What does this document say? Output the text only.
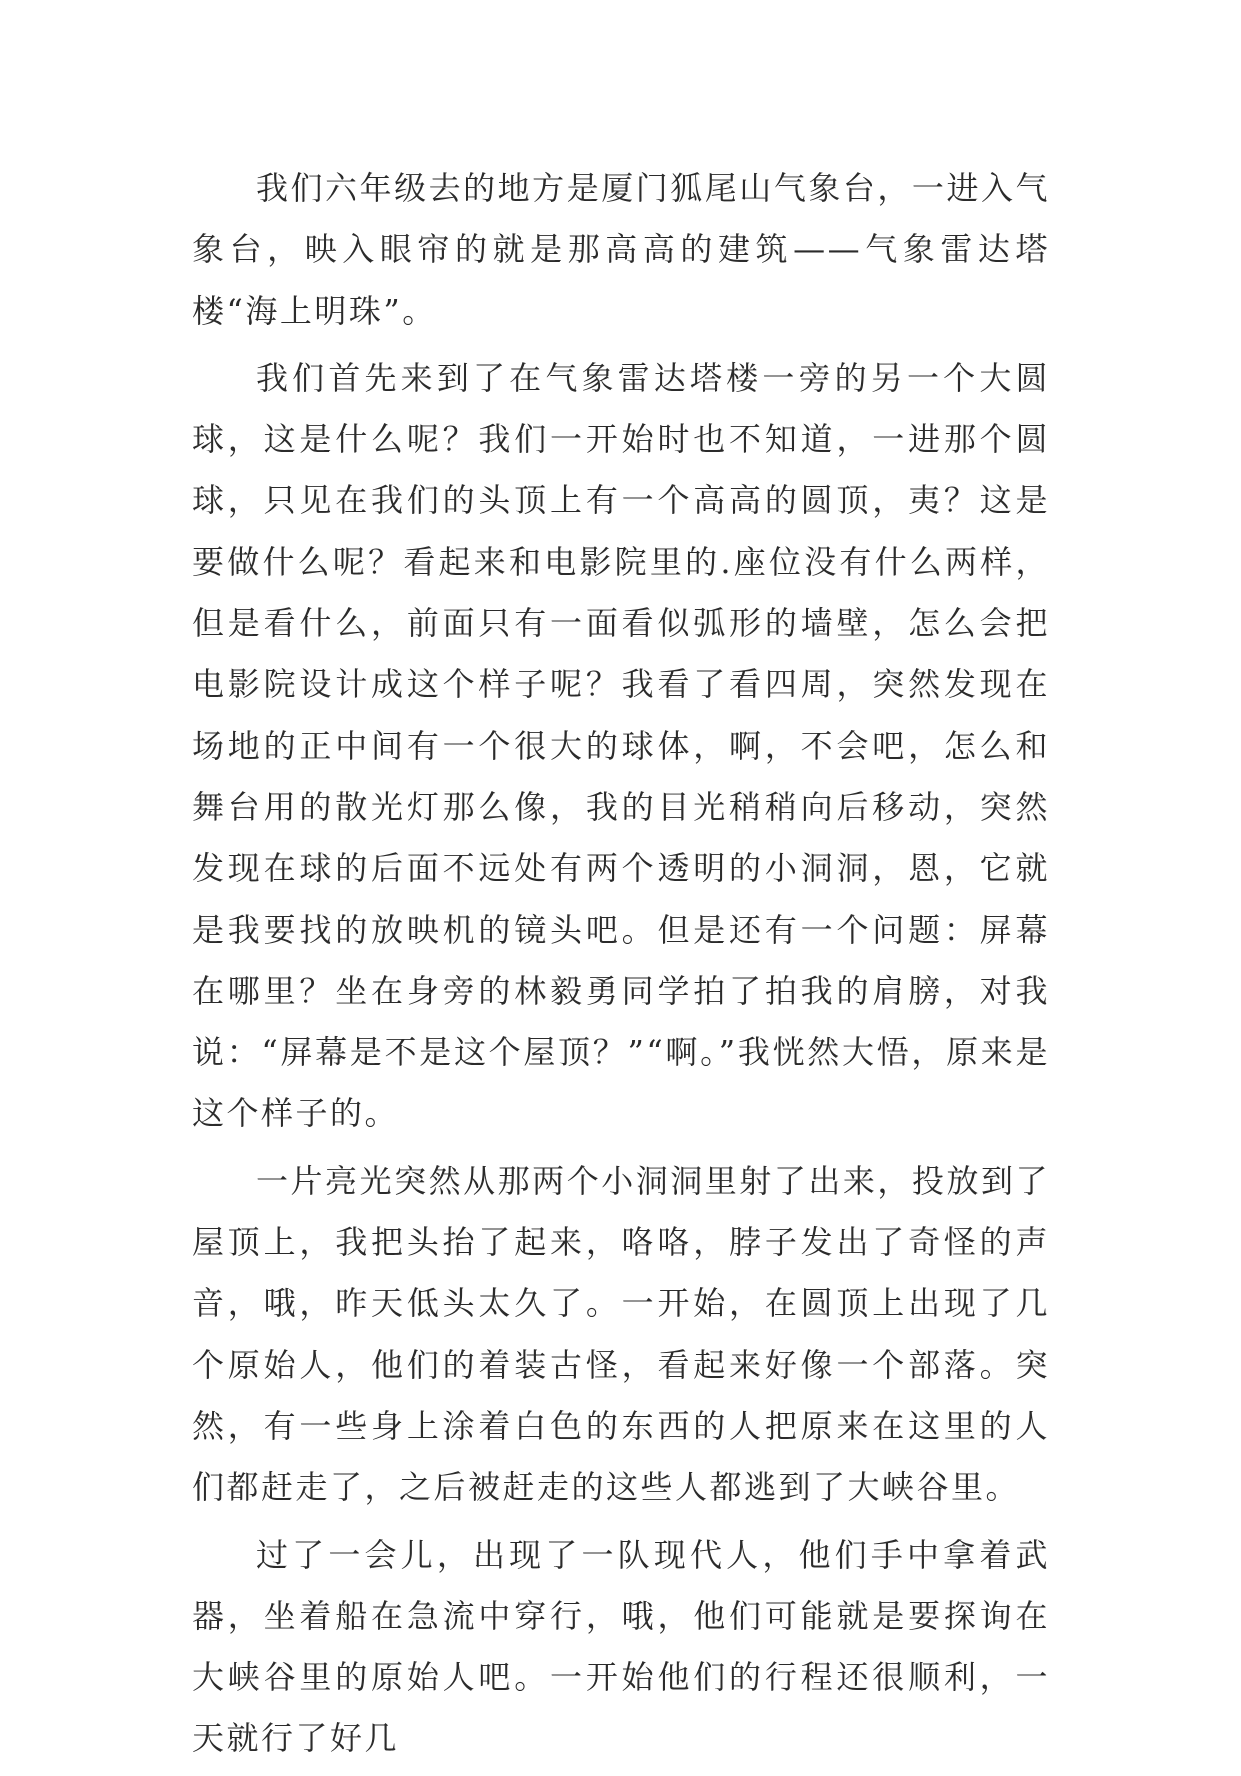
我们六年级去的地方是厦门狐尾山气象台，一进入气象台，映入眼帘的就是那高高的建筑——气象雷达塔楼“海上明珠”。

我们首先来到了在气象雷达塔楼一旁的另一个大圆球，这是什么呢？我们一开始时也不知道，一进那个圆球，只见在我们的头顶上有一个高高的圆顶，夷？这是要做什么呢？看起来和电影院里的.座位没有什么两样，但是看什么，前面只有一面看似弧形的墙壁，怎么会把电影院设计成这个样子呢？我看了看四周，突然发现在场地的正中间有一个很大的球体，啊，不会吧，怎么和舞台用的散光灯那么像，我的目光稍稍向后移动，突然发现在球的后面不远处有两个透明的小洞洞，恩，它就是我要找的放映机的镜头吧。但是还有一个问题：屏幕在哪里？坐在身旁的林毅勇同学拍了拍我的肩膀，对我说：“屏幕是不是这个屋顶？”“啊。”我恍然大悟，原来是这个样子的。

一片亮光突然从那两个小洞洞里射了出来，投放到了屋顶上，我把头抬了起来，咯咯，脖子发出了奇怪的声音，哦，昨天低头太久了。一开始，在圆顶上出现了几个原始人，他们的着装古怪，看起来好像一个部落。突然，有一些身上涂着白色的东西的人把原来在这里的人们都赶走了，之后被赶走的这些人都逃到了大峡谷里。

过了一会儿，出现了一队现代人，他们手中拿着武器，坐着船在急流中穿行，哦，他们可能就是要探询在大峡谷里的原始人吧。一开始他们的行程还很顺利，一天就行了好几
